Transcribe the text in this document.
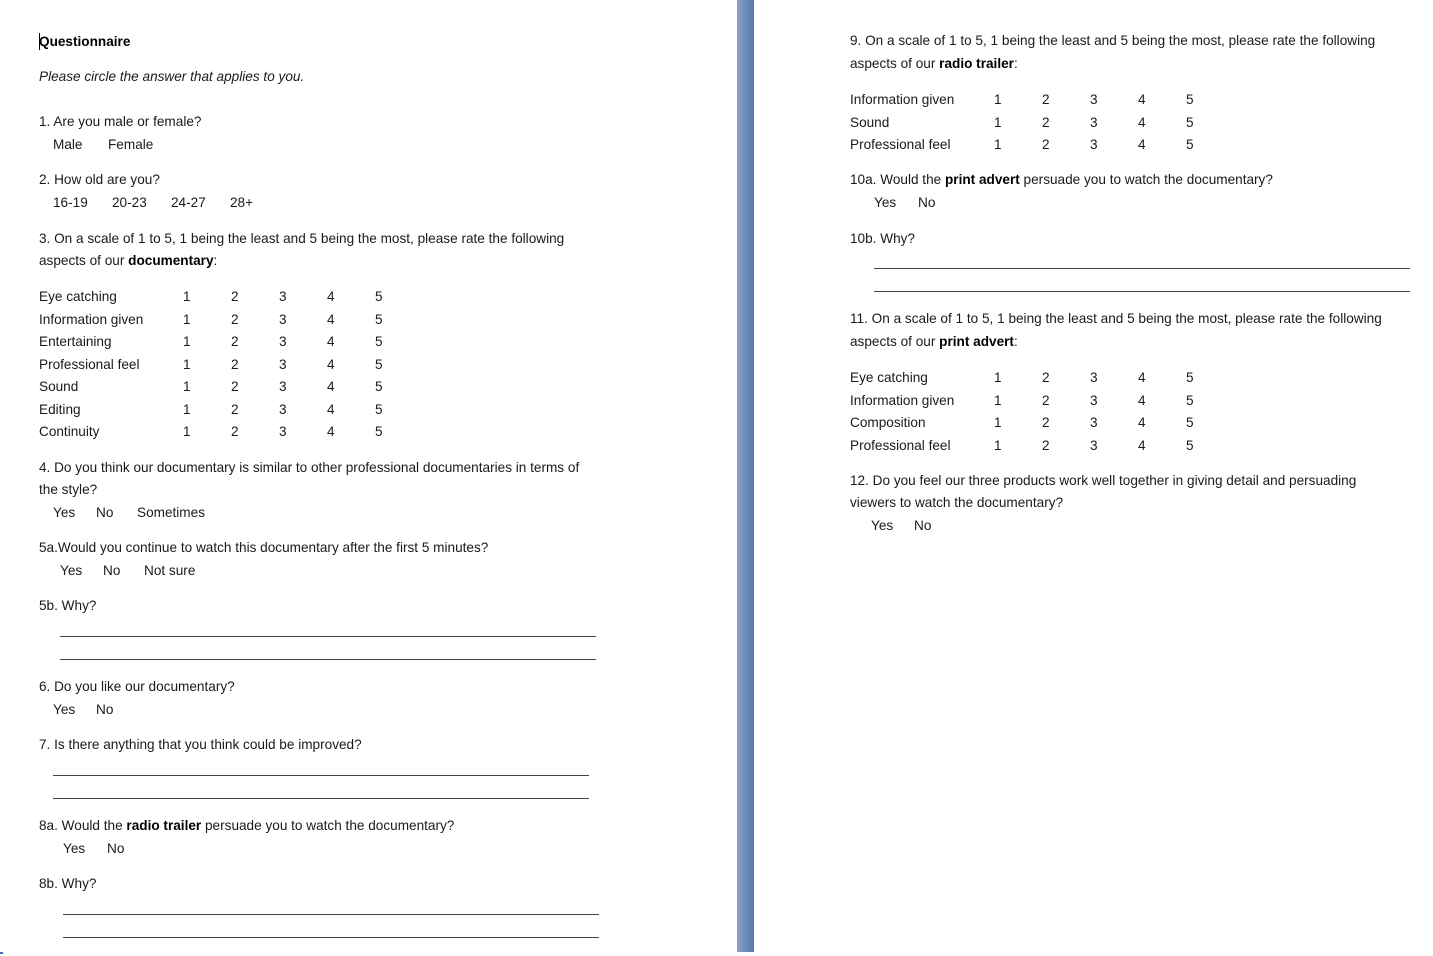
Questionnaire
Please circle the answer that applies to you.
1. Are you male or female?
Male Female
2. How old are you?
16-19 20-23 24-27 28+
3. On a scale of 1 to 5, 1 being the least and 5 being the most, please rate the following
aspects of our documentary:
Eye catching	1	2	3	4	5
Information given	1	2	3	4	5
Entertaining	1	2	3	4	5
Professional feel	1	2	3	4	5
Sound	1	2	3	4	5
Editing	1	2	3	4	5
Continuity	1	2	3	4	5
4. Do you think our documentary is similar to other professional documentaries in terms of
the style?
Yes No Sometimes
5a.Would you continue to watch this documentary after the first 5 minutes?
Yes No Not sure
5b. Why?
6. Do you like our documentary?
Yes No
7. Is there anything that you think could be improved?
8a. Would the radio trailer persuade you to watch the documentary?
Yes No
8b. Why?
9. On a scale of 1 to 5, 1 being the least and 5 being the most, please rate the following
aspects of our radio trailer:
Information given	1	2	3	4	5
Sound	1	2	3	4	5
Professional feel	1	2	3	4	5
10a. Would the print advert persuade you to watch the documentary?
Yes No
10b. Why?
11. On a scale of 1 to 5, 1 being the least and 5 being the most, please rate the following
aspects of our print advert:
Eye catching	1	2	3	4	5
Information given	1	2	3	4	5
Composition	1	2	3	4	5
Professional feel	1	2	3	4	5
12. Do you feel our three products work well together in giving detail and persuading
viewers to watch the documentary?
Yes No
